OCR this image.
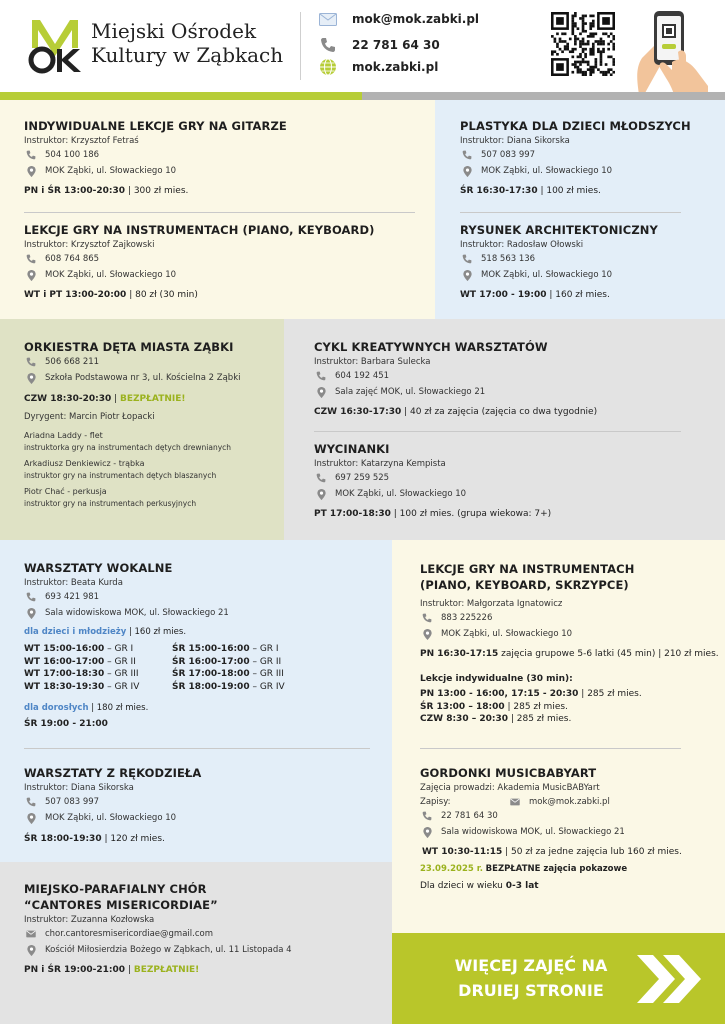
Miejski Ośrodek
Kultury w Ząbkach
mok@mok.zabki.pl
22 781 64 30
mok.zabki.pl
INDYWIDUALNE LEKCJE GRY NA GITARZE
Instruktor: Krzysztof Fetraś
504 100 186
MOK Ząbki, ul. Słowackiego 10
PN i ŚR 13:00-20:30 | 300 zł mies.
LEKCJE GRY NA INSTRUMENTACH (PIANO, KEYBOARD)
Instruktor: Krzysztof Zajkowski
608 764 865
MOK Ząbki, ul. Słowackiego 10
WT i PT 13:00-20:00 | 80 zł (30 min)
PLASTYKA DLA DZIECI MŁODSZYCH
Instruktor: Diana Sikorska
507 083 997
MOK Ząbki, ul. Słowackiego 10
ŚR 16:30-17:30 | 100 zł mies.
RYSUNEK ARCHITEKTONICZNY
Instruktor: Radosław Ołowski
518 563 136
MOK Ząbki, ul. Słowackiego 10
WT 17:00 - 19:00 | 160 zł mies.
ORKIESTRA DĘTA MIASTA ZĄBKI
506 668 211
Szkoła Podstawowa nr 3, ul. Kościelna 2 Ząbki
CZW 18:30-20:30 | BEZPŁATNIE!
Dyrygent: Marcin Piotr Łopacki
Ariadna Laddy - flet
instruktorka gry na instrumentach dętych drewnianych
Arkadiusz Denkiewicz - trąbka
instruktor gry na instrumentach dętych blaszanych
Piotr Chać - perkusja
instruktor gry na instrumentach perkusyjnych
CYKL KREATYWNYCH WARSZTATÓW
Instruktor: Barbara Sulecka
604 192 451
Sala zajęć MOK, ul. Słowackiego 21
CZW 16:30-17:30 | 40 zł za zajęcia (zajęcia co dwa tygodnie)
WYCINANKI
Instruktor: Katarzyna Kempista
697 259 525
MOK Ząbki, ul. Słowackiego 10
PT 17:00-18:30 | 100 zł mies. (grupa wiekowa: 7+)
WARSZTATY WOKALNE
Instruktor: Beata Kurda
693 421 981
Sala widowiskowa MOK, ul. Słowackiego 21
dla dzieci i młodzieży | 160 zł mies.
WT 15:00-16:00 – GR I
WT 16:00-17:00 – GR II
WT 17:00-18:30 – GR III
WT 18:30-19:30 – GR IV
ŚR 15:00-16:00 – GR I
ŚR 16:00-17:00 – GR II
ŚR 17:00-18:00 – GR III
ŚR 18:00-19:00 – GR IV
dla dorosłych | 180 zł mies.
ŚR 19:00 - 21:00
WARSZTATY Z RĘKODZIEŁA
Instruktor: Diana Sikorska
507 083 997
MOK Ząbki, ul. Słowackiego 10
ŚR 18:00-19:30 | 120 zł mies.
MIEJSKO-PARAFIALNY CHÓR
“CANTORES MISERICORDIAE”
Instruktor: Zuzanna Kozłowska
chor.cantoresmisericordiae@gmail.com
Kościół Miłosierdzia Bożego w Ząbkach, ul. 11 Listopada 4
PN i ŚR 19:00-21:00 | BEZPŁATNIE!
LEKCJE GRY NA INSTRUMENTACH
(PIANO, KEYBOARD, SKRZYPCE)
Instruktor: Małgorzata Ignatowicz
883 225226
MOK Ząbki, ul. Słowackiego 10
PN 16:30-17:15 zajęcia grupowe 5-6 latki (45 min) | 210 zł mies.
Lekcje indywidualne (30 min):
PN 13:00 - 16:00, 17:15 - 20:30 | 285 zł mies.
ŚR 13:00 – 18:00 | 285 zł mies.
CZW 8:30 – 20:30 | 285 zł mies.
GORDONKI MUSICBABYART
Zajęcia prowadzi: Akademia MusicBABYart
Zapisy:	mok@mok.zabki.pl
22 781 64 30
Sala widowiskowa MOK, ul. Słowackiego 21
WT 10:30-11:15 | 50 zł za jedne zajęcia lub 160 zł mies.
23.09.2025 r. BEZPŁATNE zajęcia pokazowe
Dla dzieci w wieku 0-3 lat
WIĘCEJ ZAJĘĆ NA
DRUIEJ STRONIE
